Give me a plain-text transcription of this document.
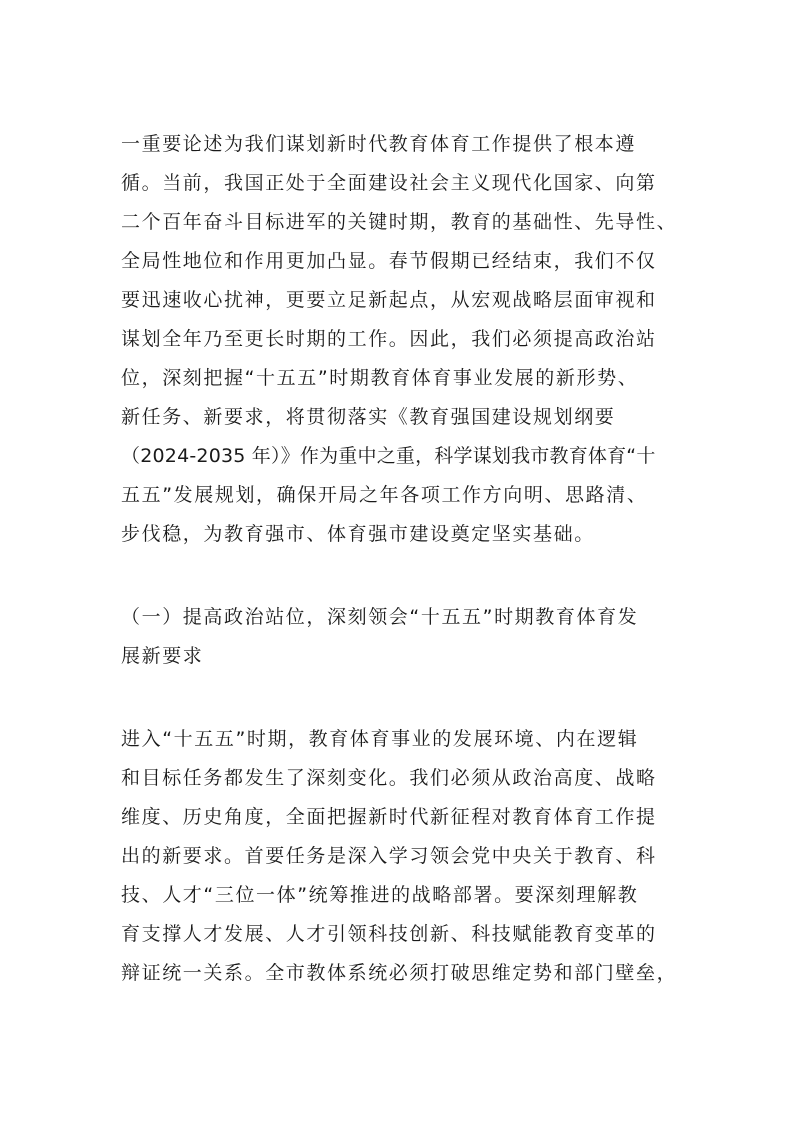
一重要论述为我们谋划新时代教育体育工作提供了根本遵
循。当前，我国正处于全面建设社会主义现代化国家、向第
二个百年奋斗目标进军的关键时期，教育的基础性、先导性、
全局性地位和作用更加凸显。春节假期已经结束，我们不仅
要迅速收心扰神，更要立足新起点，从宏观战略层面审视和
谋划全年乃至更长时期的工作。因此，我们必须提高政治站
位，深刻把握“十五五”时期教育体育事业发展的新形势、
新任务、新要求，将贯彻落实《教育强国建设规划纲要
（2024-2035 年）》作为重中之重，科学谋划我市教育体育“十
五五”发展规划，确保开局之年各项工作方向明、思路清、
步伐稳，为教育强市、体育强市建设奠定坚实基础。
（一）提高政治站位，深刻领会“十五五”时期教育体育发
展新要求
进入“十五五”时期，教育体育事业的发展环境、内在逻辑
和目标任务都发生了深刻变化。我们必须从政治高度、战略
维度、历史角度，全面把握新时代新征程对教育体育工作提
出的新要求。首要任务是深入学习领会党中央关于教育、科
技、人才“三位一体”统筹推进的战略部署。要深刻理解教
育支撑人才发展、人才引领科技创新、科技赋能教育变革的
辩证统一关系。全市教体系统必须打破思维定势和部门壁垒，
